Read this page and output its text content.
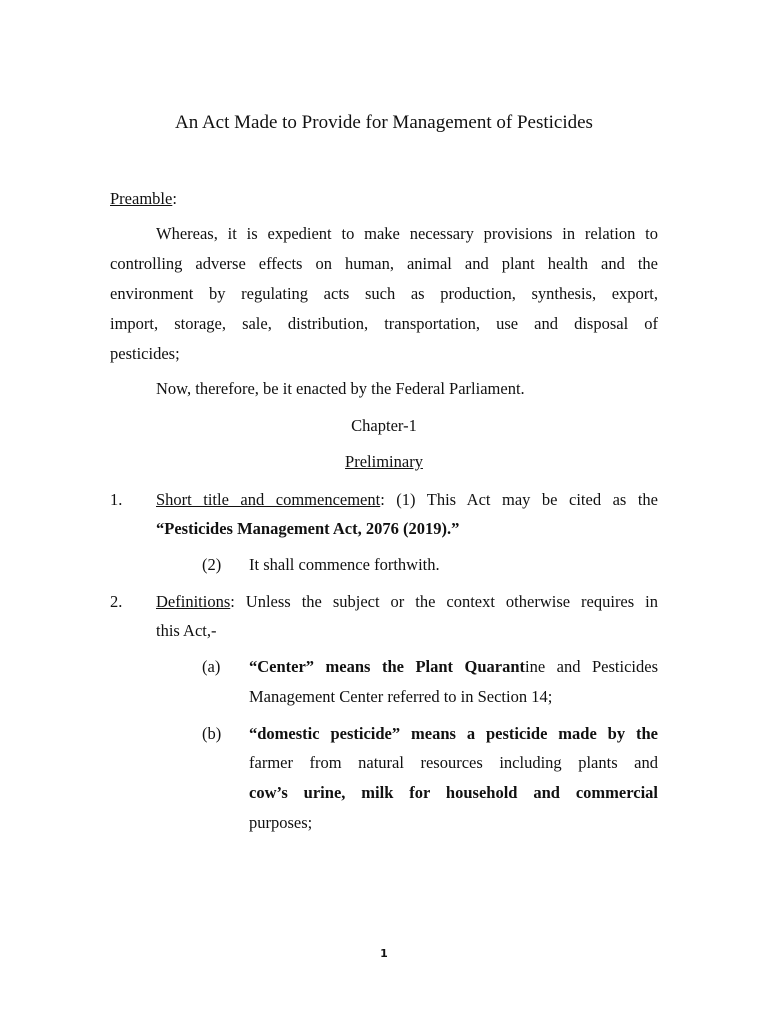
An Act Made to Provide for Management of Pesticides
Preamble:
Whereas, it is expedient to make necessary provisions in relation to
controlling adverse effects on human, animal and plant health and the
environment by regulating acts such as production, synthesis, export,
import, storage, sale, distribution, transportation, use and disposal of
pesticides;
Now, therefore, be it enacted by the Federal Parliament.
Chapter-1
Preliminary
1. Short title and commencement: (1) This Act may be cited as the
“Pesticides Management Act, 2076 (2019).”
(2) It shall commence forthwith.
2. Definitions: Unless the subject or the context otherwise requires in
this Act,-
(a) “Center” means the Plant Quarantine and Pesticides
Management Center referred to in Section 14;
(b) “domestic pesticide” means a pesticide made by the
farmer from natural resources including plants and
cow’s urine, milk for household and commercial
purposes;
1
